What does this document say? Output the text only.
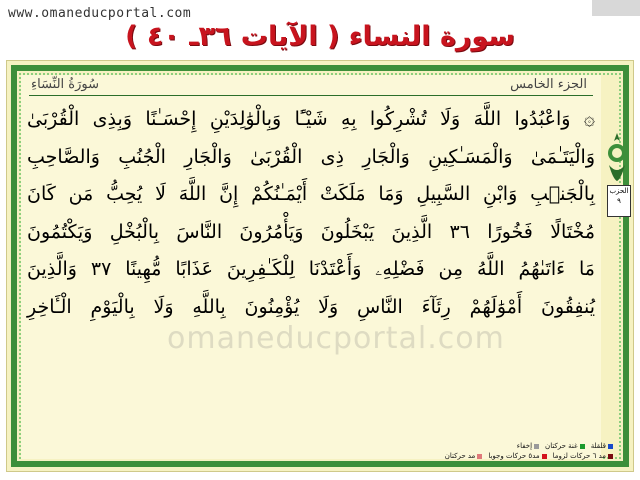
www.omaneducportal.com
سورة النساء ( الآيات ٣٦ـ ٤٠ )
الجزء الخامس
سُورَةُ النِّسَاءِ
۞ وَاعْبُدُوا اللَّهَ وَلَا تُشْرِكُوا بِهِ شَيْـًٔا وَبِالْوَٰلِدَيْنِ إِحْسَـٰنًا وَبِذِى الْقُرْبَىٰ
وَالْيَتَـٰمَىٰ وَالْمَسَـٰكِينِ وَالْجَارِ ذِى الْقُرْبَىٰ وَالْجَارِ الْجُنُبِ وَالصَّاحِبِ
بِالْجَنۢبِ وَابْنِ السَّبِيلِ وَمَا مَلَكَتْ أَيْمَـٰنُكُمْ إِنَّ اللَّهَ لَا يُحِبُّ مَن كَانَ
مُخْتَالًا فَخُورًا ٣٦ الَّذِينَ يَبْخَلُونَ وَيَأْمُرُونَ النَّاسَ بِالْبُخْلِ وَيَكْتُمُونَ
مَا ءَاتَىٰهُمُ اللَّهُ مِن فَضْلِهِۦ وَأَعْتَدْنَا لِلْكَـٰفِرِينَ عَذَابًا مُّهِينًا ٣٧ وَالَّذِينَ
يُنفِقُونَ أَمْوَٰلَهُمْ رِئَآءَ النَّاسِ وَلَا يُؤْمِنُونَ بِاللَّهِ وَلَا بِالْيَوْمِ الْـَٔاخِرِ
omaneducportal.com
الحزب
٩
قلقلة
غنة حركتان
إخفاء
مد ٦ حركات لزوما
مد٥ حركات وجوبا
مد حركتان
